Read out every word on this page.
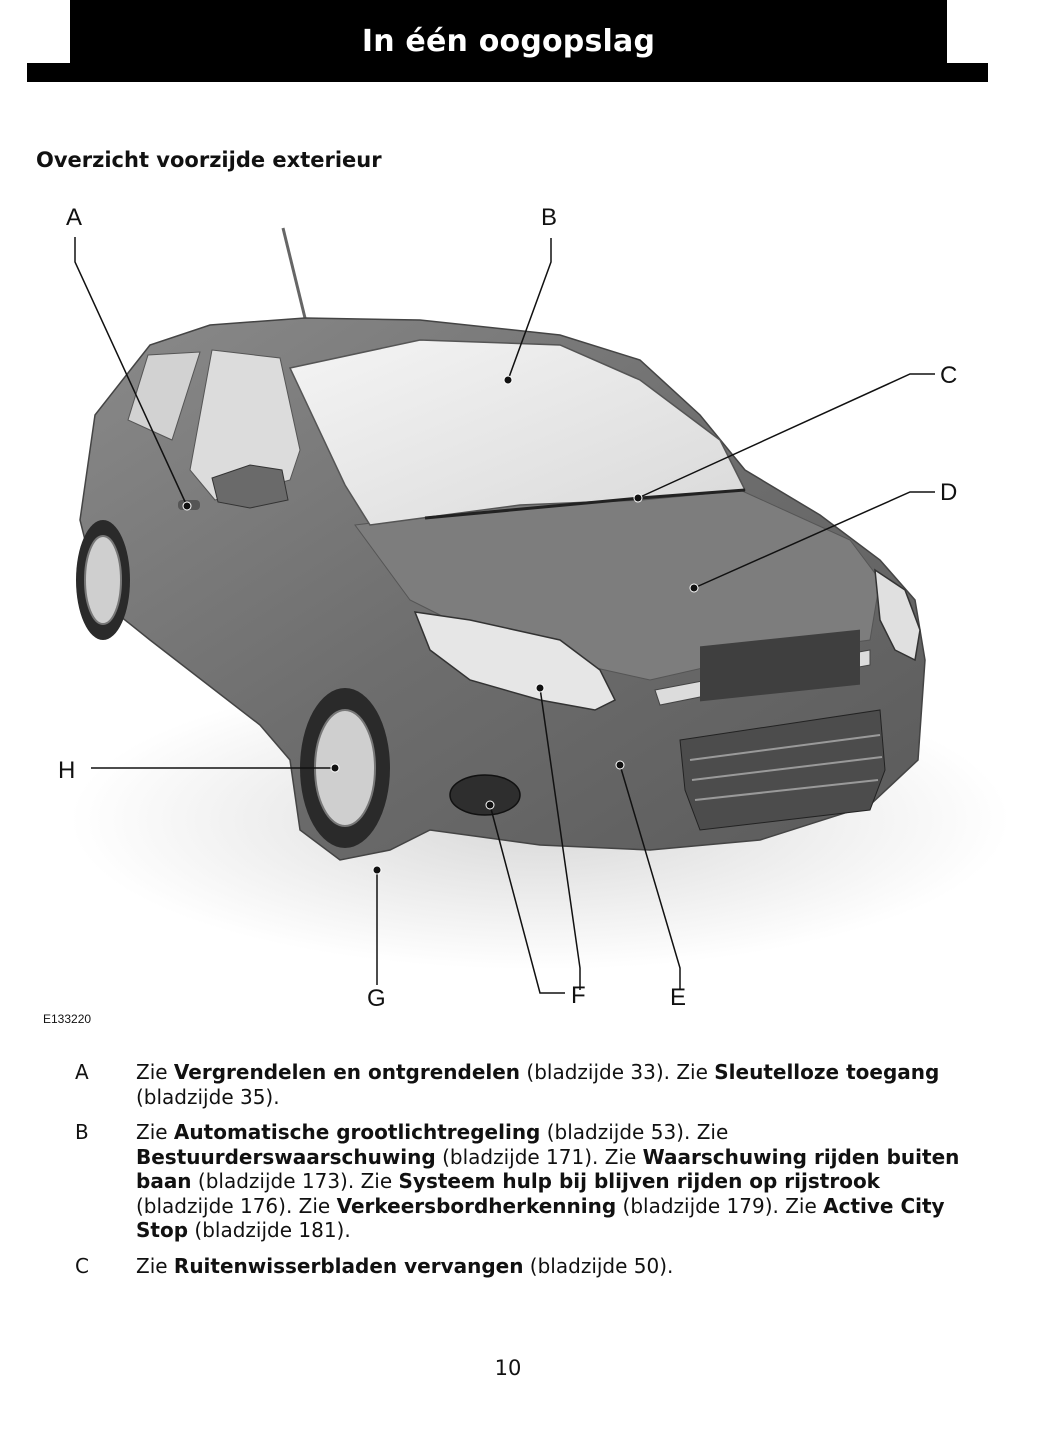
In één oogopslag
Overzicht voorzijde exterieur
A	B
C
D
E
F
G
H
E133220
A Zie Vergrendelen en ontgrendelen (bladzijde 33). Zie Sleutelloze toegang (bladzijde 35).
B Zie Automatische grootlichtregeling (bladzijde 53). Zie Bestuurderswaarschuwing (bladzijde 171). Zie Waarschuwing rijden buiten baan (bladzijde 173). Zie Systeem hulp bij blijven rijden op rijstrook (bladzijde 176). Zie Verkeersbordherkenning (bladzijde 179). Zie Active City Stop (bladzijde 181).
C Zie Ruitenwisserbladen vervangen (bladzijde 50).
10
